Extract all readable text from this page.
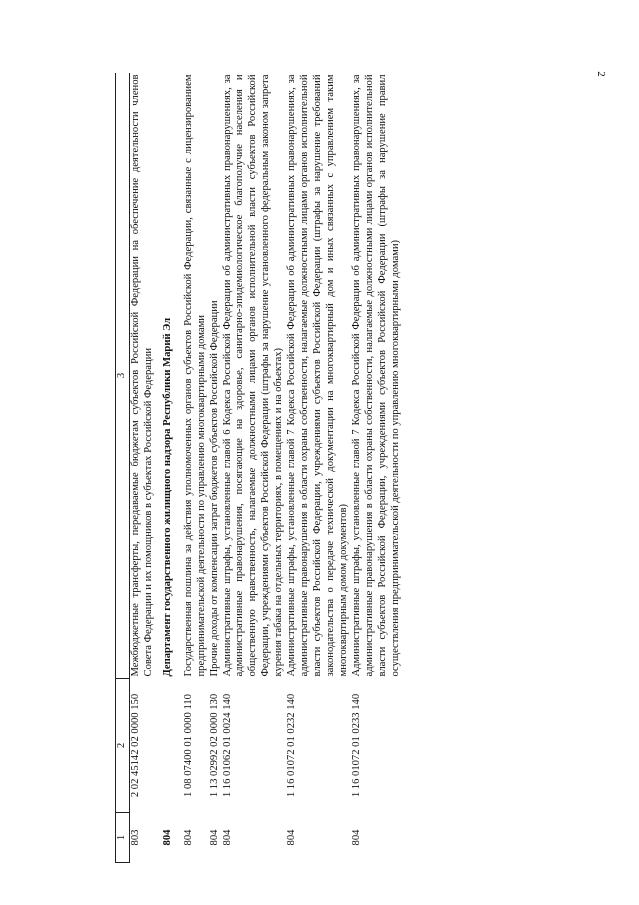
2
1	2	3
803	2 02 45142 02 0000 150	Межбюджетные трансферты, передаваемые бюджетам субъектов Российской Федерации на обеспечение деятельности членов Совета Федерации и их помощников в субъектах Российской Федерации
804		Департамент государственного жилищного надзора Республики Марий Эл
804	1 08 07400 01 0000 110	Государственная пошлина за действия уполномоченных органов субъектов Российской Федерации, связанные с лицензированием предпринимательской деятельности по управлению многоквартирными домами
804	1 13 02992 02 0000 130	Прочие доходы от компенсации затрат бюджетов субъектов Российской Федерации
804	1 16 01062 01 0024 140	Административные штрафы, установленные главой 6 Кодекса Российской Федерации об административных правонарушениях, за административные правонарушения, посягающие на здоровье, санитарно-эпидемиологическое благополучие населения и общественную нравственность, налагаемые должностными лицами органов исполнительной власти субъектов Российской Федерации, учреждениями субъектов Российской Федерации (штрафы за нарушение установленного федеральным законом запрета курения табака на отдельных территориях, в помещениях и на объектах)
804	1 16 01072 01 0232 140	Административные штрафы, установленные главой 7 Кодекса Российской Федерации об административных правонарушениях, за административные правонарушения в области охраны собственности, налагаемые должностными лицами органов исполнительной власти субъектов Российской Федерации, учреждениями субъектов Российской Федерации (штрафы за нарушение требований законодательства о передаче технической документации на многоквартирный дом и иных связанных с управлением таким многоквартирным домом документов)
804	1 16 01072 01 0233 140	Административные штрафы, установленные главой 7 Кодекса Российской Федерации об административных правонарушениях, за административные правонарушения в области охраны собственности, налагаемые должностными лицами органов исполнительной власти субъектов Российской Федерации, учреждениями субъектов Российской Федерации (штрафы за нарушение правил осуществления предпринимательской деятельности по управлению многоквартирными домами)
